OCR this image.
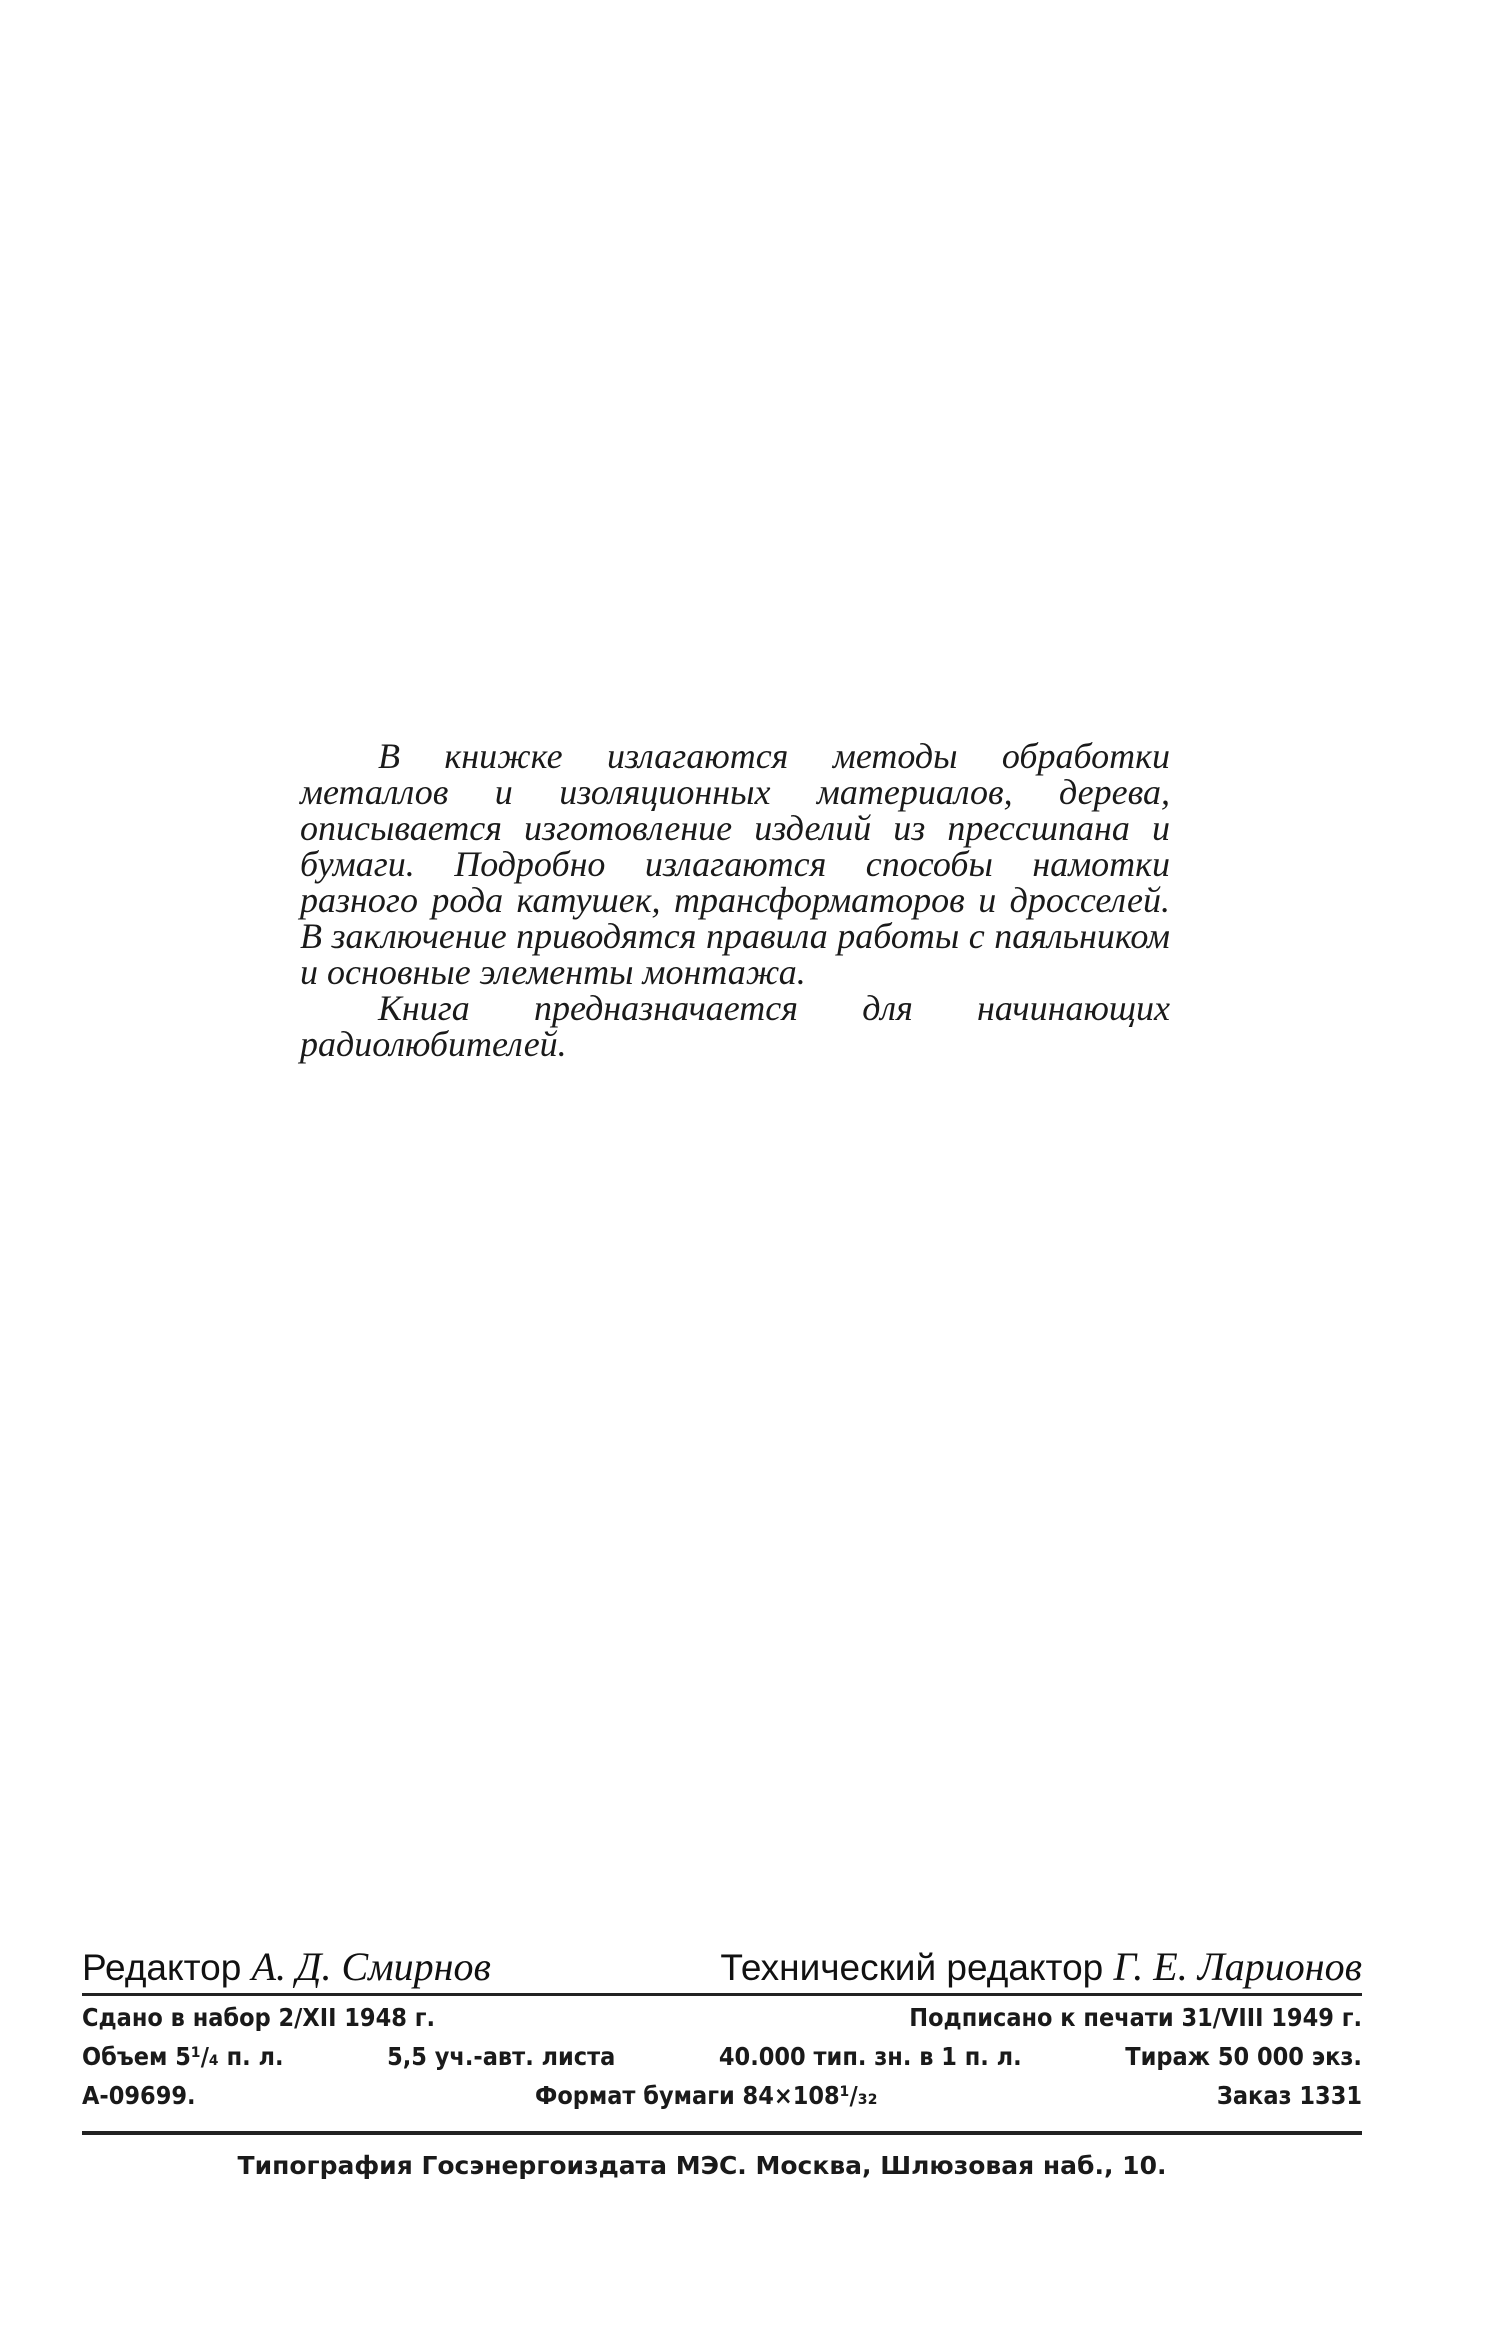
В книжке излагаются методы обработки металлов и изоляционных материалов, дерева, описывается изготовление изделий из прессшпана и бумаги. Подробно излагаются способы намотки разного рода катушек, трансформаторов и дросселей. В заключение приводятся правила работы с паяльником и основные элементы монтажа.

Книга предназначается для начинающих радиолюбителей.

Редактор А. Д. Смирнов	Технический редактор Г. Е. Ларионов
Сдано в набор 2/XII 1948 г.	Подписано к печати 31/VIII 1949 г.
Объем 5¹/₄ п. л.	5,5 уч.-авт. листа	40.000 тип. зн. в 1 п. л.	Тираж 50 000 экз.
А-09699.	Формат бумаги 84×108¹/₃₂	Заказ 1331
Типография Госэнергоиздата МЭС. Москва, Шлюзовая наб., 10.
